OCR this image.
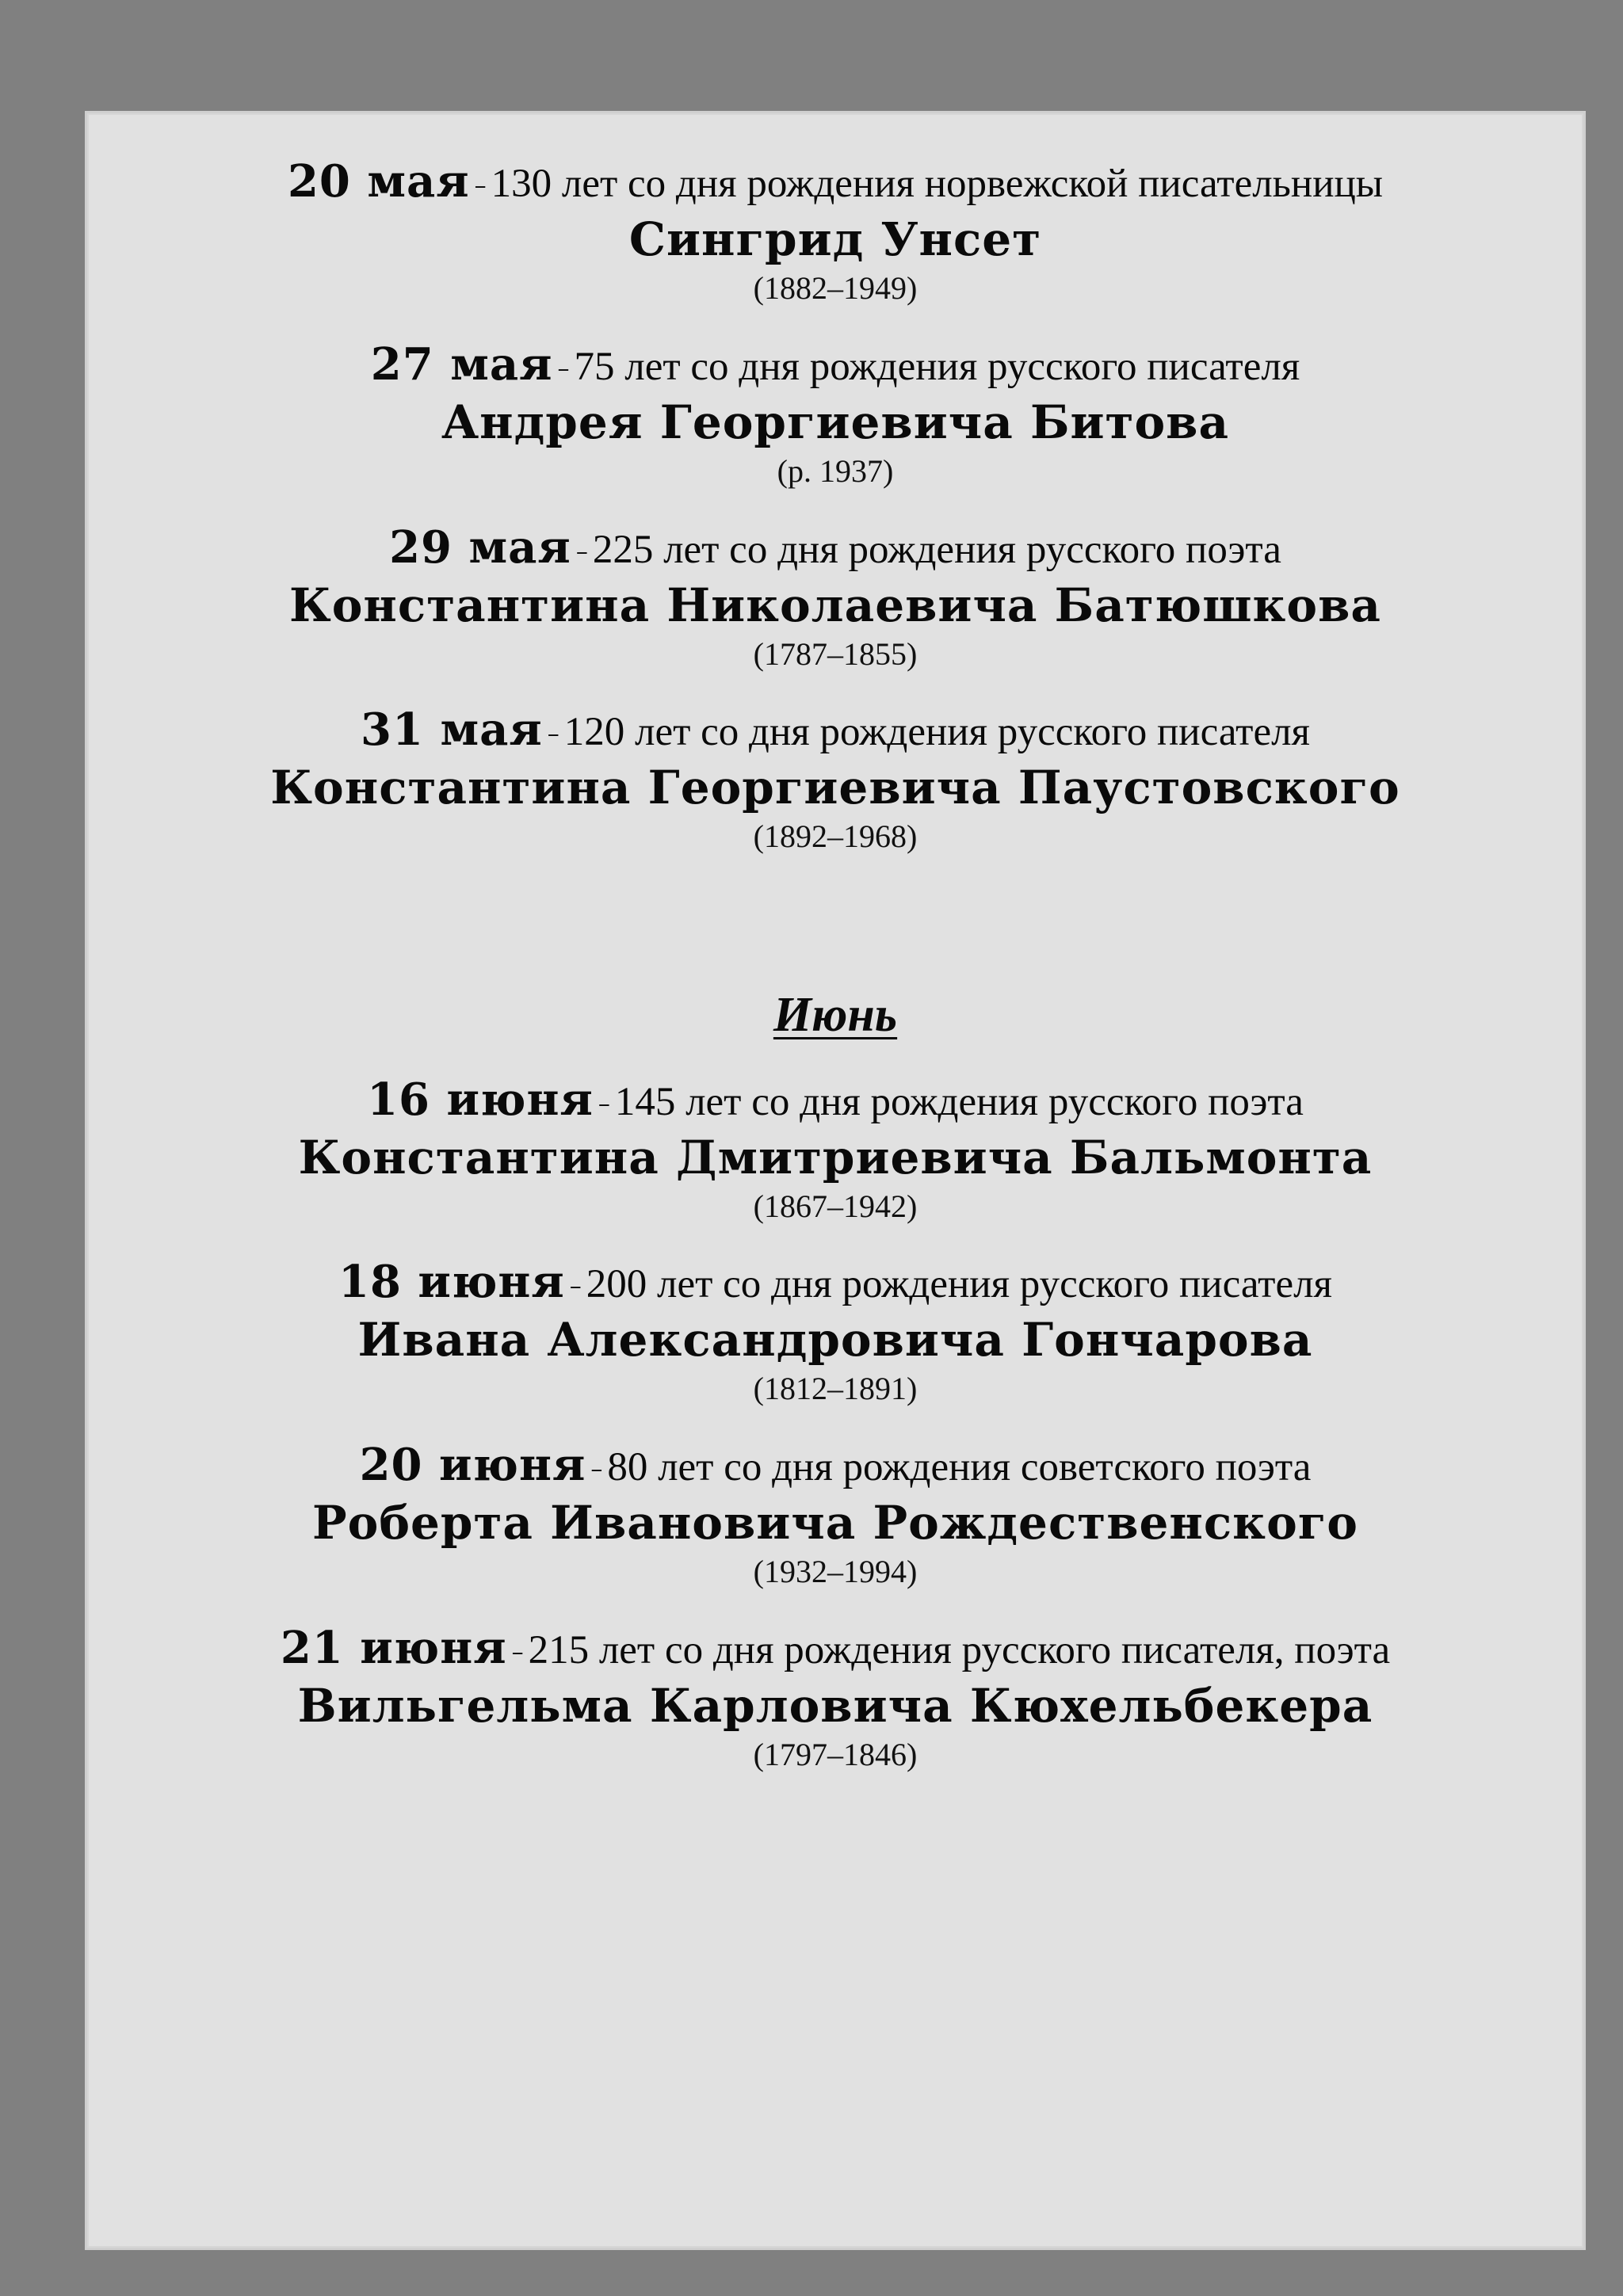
20 мая – 130 лет со дня рождения норвежской писательницы
Сингрид Унсет
(1882–1949)
27 мая – 75 лет со дня рождения русского писателя
Андрея Георгиевича Битова
(р. 1937)
29 мая – 225 лет со дня рождения русского поэта
Константина Николаевича Батюшкова
(1787–1855)
31 мая – 120 лет со дня рождения русского писателя
Константина Георгиевича Паустовского
(1892–1968)
Июнь
16 июня – 145 лет со дня рождения русского поэта
Константина Дмитриевича Бальмонта
(1867–1942)
18 июня – 200 лет со дня рождения русского писателя
Ивана Александровича Гончарова
(1812–1891)
20 июня – 80 лет со дня рождения советского поэта
Роберта Ивановича Рождественского
(1932–1994)
21 июня – 215 лет со дня рождения русского писателя, поэта
Вильгельма Карловича Кюхельбекера
(1797–1846)
